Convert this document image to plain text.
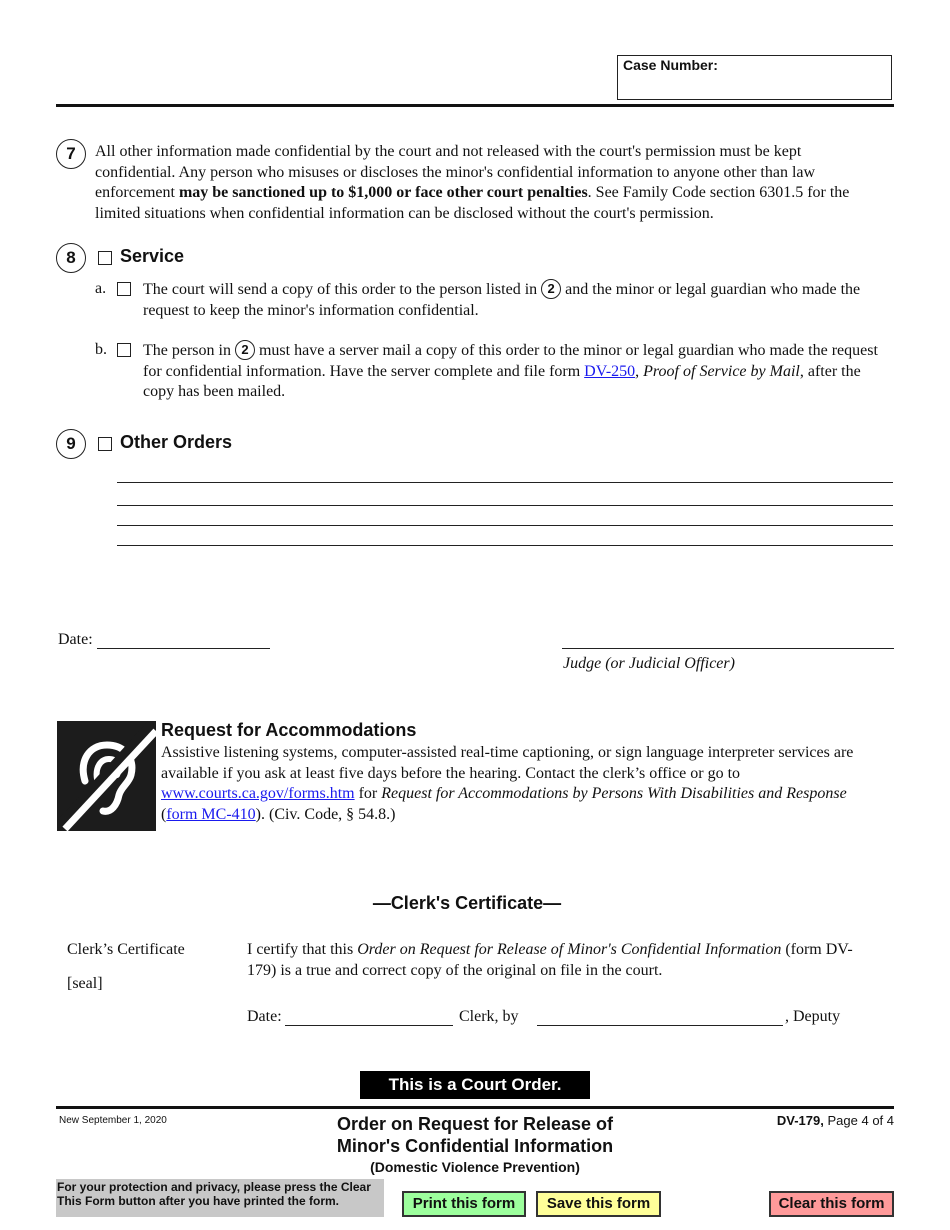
Case Number:
7	All other information made confidential by the court and not released with the court's permission must be kept confidential. Any person who misuses or discloses the minor's confidential information to anyone other than law enforcement may be sanctioned up to $1,000 or face other court penalties. See Family Code section 6301.5 for the limited situations when confidential information can be disclosed without the court's permission.
8	Service
a. The court will send a copy of this order to the person listed in 2 and the minor or legal guardian who made the request to keep the minor's information confidential.
b. The person in 2 must have a server mail a copy of this order to the minor or legal guardian who made the request for confidential information. Have the server complete and file form DV-250, Proof of Service by Mail, after the copy has been mailed.
9	Other Orders
Date:
Judge (or Judicial Officer)
Request for Accommodations
Assistive listening systems, computer-assisted real-time captioning, or sign language interpreter services are available if you ask at least five days before the hearing. Contact the clerk’s office or go to www.courts.ca.gov/forms.htm for Request for Accommodations by Persons With Disabilities and Response (form MC-410). (Civ. Code, § 54.8.)
—Clerk's Certificate—
Clerk’s Certificate
[seal]
I certify that this Order on Request for Release of Minor's Confidential Information (form DV-179) is a true and correct copy of the original on file in the court.
Date:	Clerk, by	, Deputy
This is a Court Order.
New September 1, 2020	Order on Request for Release of
Minor's Confidential Information
(Domestic Violence Prevention)
DV-179, Page 4 of 4
For your protection and privacy, please press the Clear
This Form button after you have printed the form.	Print this form	Save this form	Clear this form
